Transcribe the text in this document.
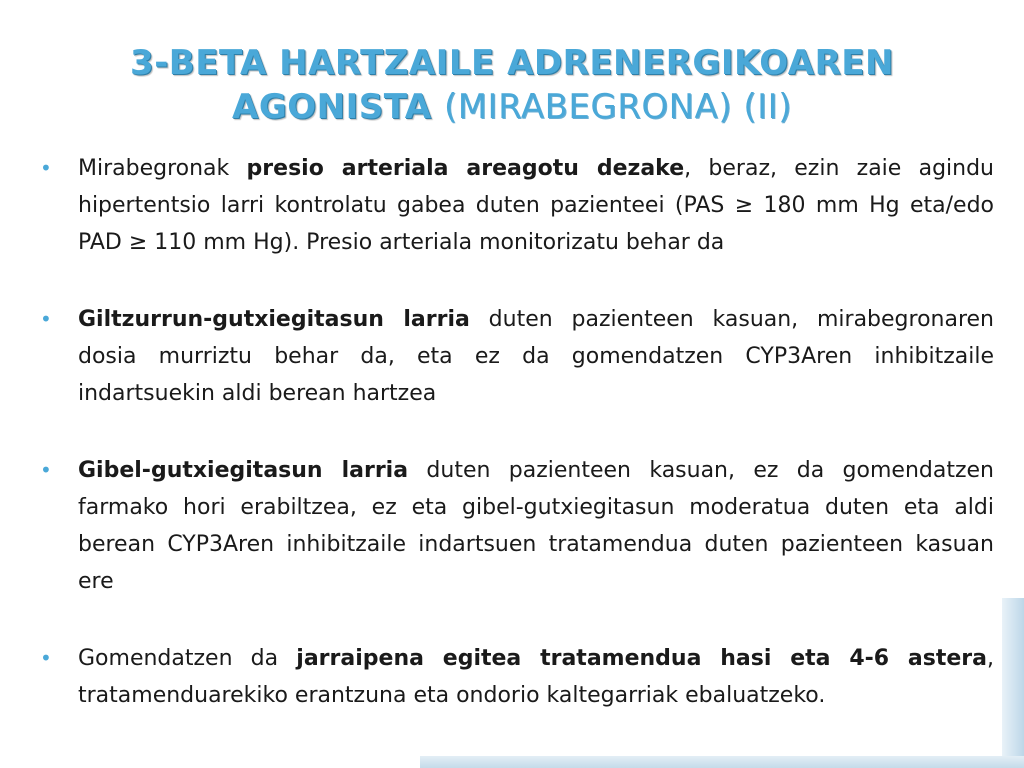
3-BETA HARTZAILE ADRENERGIKOAREN
AGONISTA (MIRABEGRONA) (II)
• Mirabegronak presio arteriala areagotu dezake, beraz, ezin zaie agindu hipertentsio larri kontrolatu gabea duten pazienteei (PAS ≥ 180 mm Hg eta/edo PAD ≥ 110 mm Hg). Presio arteriala monitorizatu behar da
• Giltzurrun-gutxiegitasun larria duten pazienteen kasuan, mirabegronaren dosia murriztu behar da, eta ez da gomendatzen CYP3Aren inhibitzaile indartsuekin aldi berean hartzea
• Gibel-gutxiegitasun larria duten pazienteen kasuan, ez da gomendatzen farmako hori erabiltzea, ez eta gibel-gutxiegitasun moderatua duten eta aldi berean CYP3Aren inhibitzaile indartsuen tratamendua duten pazienteen kasuan ere
• Gomendatzen da jarraipena egitea tratamendua hasi eta 4-6 astera, tratamenduarekiko erantzuna eta ondorio kaltegarriak ebaluatzeko.
